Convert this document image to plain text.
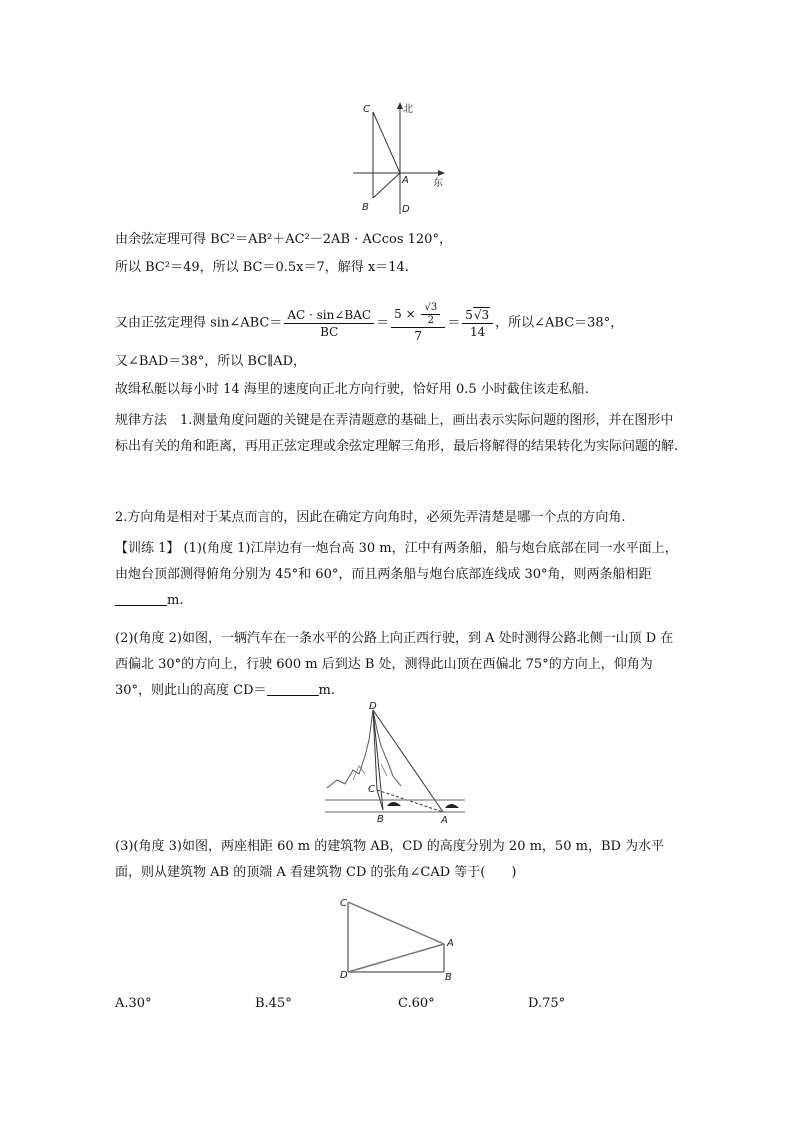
北
东
C
A
B	D
由余弦定理可得 BC²＝AB²＋AC²－2AB · ACcos 120°，
所以 BC²＝49，所以 BC＝0.5x＝7，解得 x＝14.
又由正弦定理得 sin∠ABC＝ $\frac{\text{AC · sin∠BAC}}{BC} = \frac{5 \times \frac{√3}{2}}{7} = \frac{5√3}{14}$ ，所以∠ABC＝38°，
又∠BAD＝38°，所以 BC∥AD，
故缉私艇以每小时 14 海里的速度向正北方向行驶，恰好用 0.5 小时截住该走私船.
规律方法　1.测量角度问题的关键是在弄清题意的基础上，画出表示实际问题的图形，并在图形中标出有关的角和距离，再用正弦定理或余弦定理解三角形，最后将解得的结果转化为实际问题的解.
2.方向角是相对于某点而言的，因此在确定方向角时，必须先弄清楚是哪一个点的方向角.
【训练 1】 (1)(角度 1)江岸边有一炮台高 30 m，江中有两条船，船与炮台底部在同一水平面上，由炮台顶部测得俯角分别为 45°和 60°，而且两条船与炮台底部连线成 30°角，则两条船相距m.
(2)(角度 2)如图，一辆汽车在一条水平的公路上向正西行驶，到 A 处时测得公路北侧一山顶 D 在西偏北 30°的方向上，行驶 600 m 后到达 B 处，测得此山顶在西偏北 75°的方向上，仰角为 30°，则此山的高度 CD＝	m.
D
C
B	A
(3)(角度 3)如图，两座相距 60 m 的建筑物 AB，CD 的高度分别为 20 m，50 m，BD 为水平面，则从建筑物 AB 的顶端 A 看建筑物 CD 的张角∠CAD 等于(　　)
C
A
D	B
A.30°	B.45°	C.60°	D.75°
